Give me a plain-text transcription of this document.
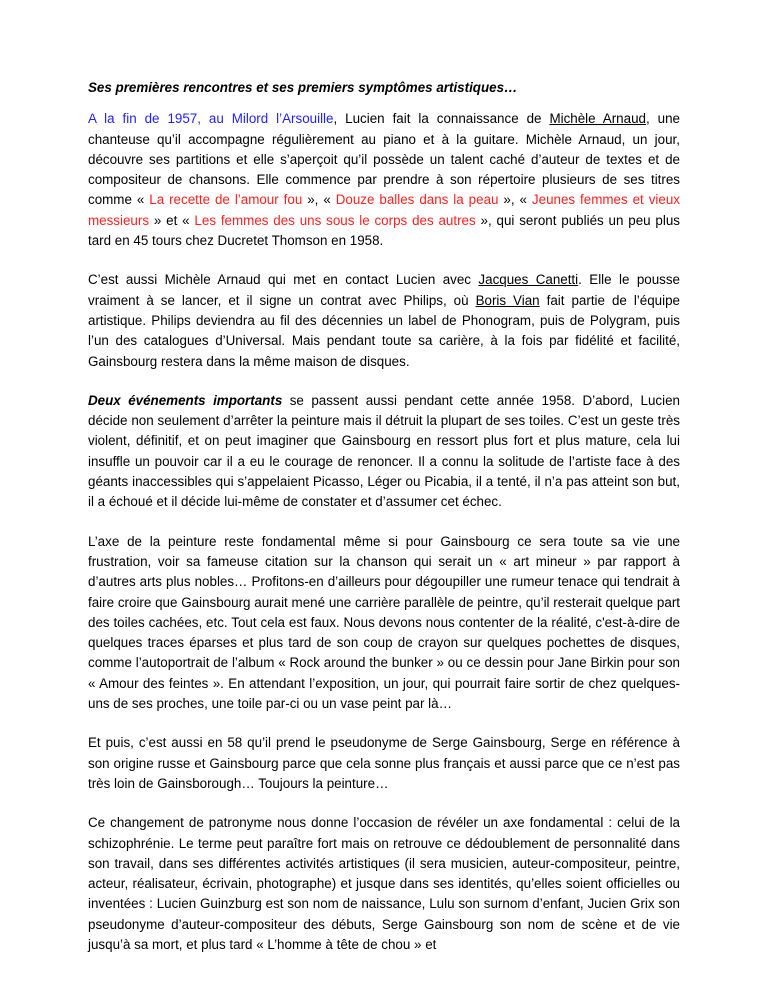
Ses premières rencontres et ses premiers symptômes artistiques…

A la fin de 1957, au Milord l’Arsouille, Lucien fait la connaissance de Michèle Arnaud, une chanteuse qu’il accompagne régulièrement au piano et à la guitare. Michèle Arnaud, un jour, découvre ses partitions et elle s’aperçoit qu’il possède un talent caché d’auteur de textes et de compositeur de chansons. Elle commence par prendre à son répertoire plusieurs de ses titres comme « La recette de l’amour fou », « Douze balles dans la peau », « Jeunes femmes et vieux messieurs » et « Les femmes des uns sous le corps des autres », qui seront publiés un peu plus tard en 45 tours chez Ducretet Thomson en 1958.

C’est aussi Michèle Arnaud qui met en contact Lucien avec Jacques Canetti. Elle le pousse vraiment à se lancer, et il signe un contrat avec Philips, où Boris Vian fait partie de l’équipe artistique. Philips deviendra au fil des décennies un label de Phonogram, puis de Polygram, puis l’un des catalogues d’Universal. Mais pendant toute sa carière, à la fois par fidélité et facilité, Gainsbourg restera dans la même maison de disques.

Deux événements importants se passent aussi pendant cette année 1958. D’abord, Lucien décide non seulement d’arrêter la peinture mais il détruit la plupart de ses toiles. C’est un geste très violent, définitif, et on peut imaginer que Gainsbourg en ressort plus fort et plus mature, cela lui insuffle un pouvoir car il a eu le courage de renoncer. Il a connu la solitude de l’artiste face à des géants inaccessibles qui s’appelaient Picasso, Léger ou Picabia, il a tenté, il n’a pas atteint son but, il a échoué et il décide lui-même de constater et d’assumer cet échec.

L’axe de la peinture reste fondamental même si pour Gainsbourg ce sera toute sa vie une frustration, voir sa fameuse citation sur la chanson qui serait un « art mineur » par rapport à d’autres arts plus nobles… Profitons-en d’ailleurs pour dégoupiller une rumeur tenace qui tendrait à faire croire que Gainsbourg aurait mené une carrière parallèle de peintre, qu’il resterait quelque part des toiles cachées, etc. Tout cela est faux. Nous devons nous contenter de la réalité, c'est-à-dire de quelques traces éparses et plus tard de son coup de crayon sur quelques pochettes de disques, comme l’autoportrait de l’album « Rock around the bunker » ou ce dessin pour Jane Birkin pour son « Amour des feintes ». En attendant l’exposition, un jour, qui pourrait faire sortir de chez quelques-uns de ses proches, une toile par-ci ou un vase peint par là…

Et puis, c’est aussi en 58 qu’il prend le pseudonyme de Serge Gainsbourg, Serge en référence à son origine russe et Gainsbourg parce que cela sonne plus français et aussi parce que ce n’est pas très loin de Gainsborough… Toujours la peinture…

Ce changement de patronyme nous donne l’occasion de révéler un axe fondamental : celui de la schizophrénie. Le terme peut paraître fort mais on retrouve ce dédoublement de personnalité dans son travail, dans ses différentes activités artistiques (il sera musicien, auteur-compositeur, peintre, acteur, réalisateur, écrivain, photographe) et jusque dans ses identités, qu’elles soient officielles ou inventées : Lucien Guinzburg est son nom de naissance, Lulu son surnom d’enfant, Jucien Grix son pseudonyme d’auteur-compositeur des débuts, Serge Gainsbourg son nom de scène et de vie jusqu’à sa mort, et plus tard « L’homme à tête de chou » et
